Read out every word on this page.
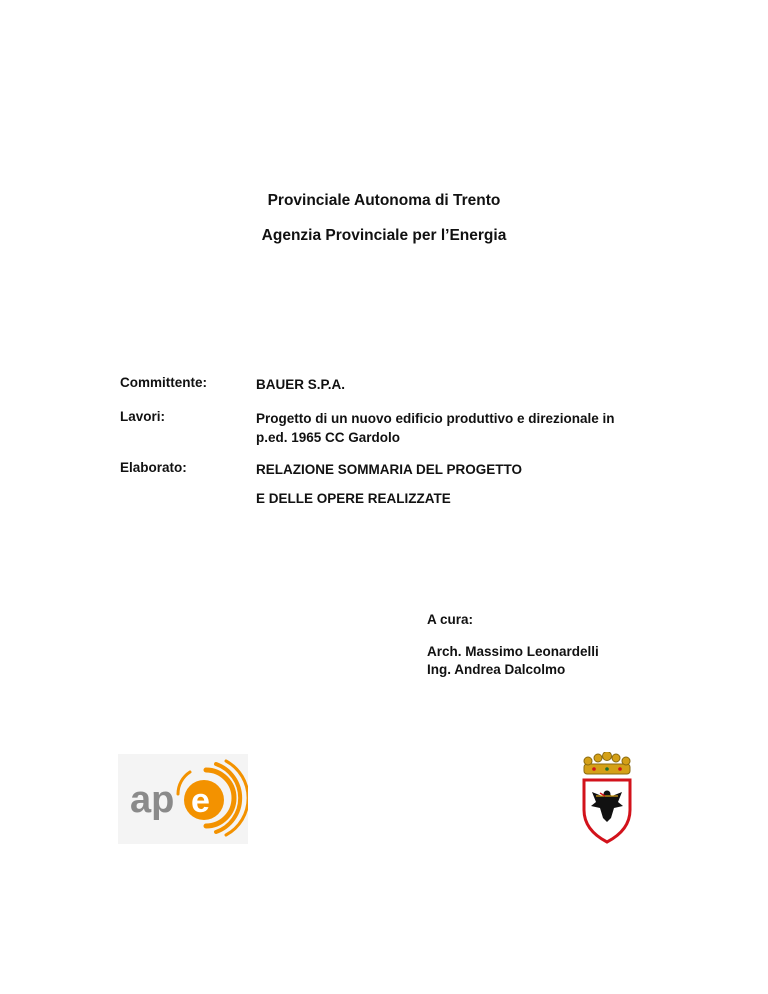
Provinciale Autonoma di Trento
Agenzia Provinciale per l’Energia
Committente:	BAUER S.P.A.
Lavori:	Progetto di un nuovo edificio produttivo e direzionale in
p.ed. 1965 CC Gardolo
Elaborato:	RELAZIONE SOMMARIA DEL PROGETTO
E DELLE OPERE REALIZZATE
A cura:
Arch. Massimo Leonardelli
Ing. Andrea Dalcolmo
ap e
